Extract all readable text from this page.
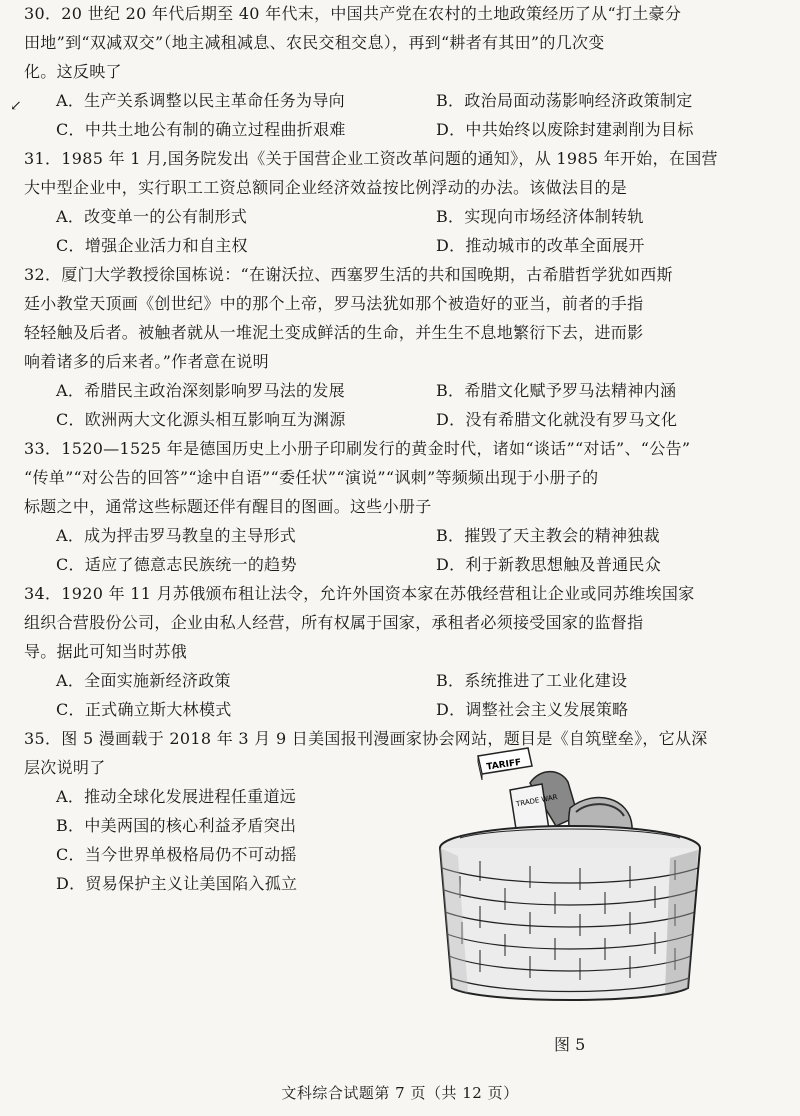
↙
30．20 世纪 20 年代后期至 40 年代末，中国共产党在农村的土地政策经历了从“打土豪分
田地”到“双减双交”（地主减租减息、农民交租交息），再到“耕者有其田”的几次变
化。这反映了
A．生产关系调整以民主革命任务为导向	B．政治局面动荡影响经济政策制定
C．中共土地公有制的确立过程曲折艰难	D．中共始终以废除封建剥削为目标
31．1985 年 1 月,国务院发出《关于国营企业工资改革问题的通知》，从 1985 年开始，在国营
大中型企业中，实行职工工资总额同企业经济效益按比例浮动的办法。该做法目的是
A．改变单一的公有制形式	B．实现向市场经济体制转轨
C．增强企业活力和自主权	D．推动城市的改革全面展开
32．厦门大学教授徐国栋说：“在谢沃拉、西塞罗生活的共和国晚期，古希腊哲学犹如西斯
廷小教堂天顶画《创世纪》中的那个上帝，罗马法犹如那个被造好的亚当，前者的手指
轻轻触及后者。被触者就从一堆泥土变成鲜活的生命，并生生不息地繁衍下去，进而影
响着诸多的后来者。”作者意在说明
A．希腊民主政治深刻影响罗马法的发展	B．希腊文化赋予罗马法精神内涵
C．欧洲两大文化源头相互影响互为渊源	D．没有希腊文化就没有罗马文化
33．1520—1525 年是德国历史上小册子印刷发行的黄金时代，诸如“谈话”“对话”、“公告”
“传单”“对公告的回答”“途中自语”“委任状”“演说”“讽刺”等频频出现于小册子的
标题之中，通常这些标题还伴有醒目的图画。这些小册子
A．成为抨击罗马教皇的主导形式	B．摧毁了天主教会的精神独裁
C．适应了德意志民族统一的趋势	D．利于新教思想触及普通民众
34．1920 年 11 月苏俄颁布租让法令，允许外国资本家在苏俄经营租让企业或同苏维埃国家
组织合营股份公司，企业由私人经营，所有权属于国家，承租者必须接受国家的监督指
导。据此可知当时苏俄
A．全面实施新经济政策	B．系统推进了工业化建设
C．正式确立斯大林模式	D．调整社会主义发展策略
35．图 5 漫画载于 2018 年 3 月 9 日美国报刊漫画家协会网站，题目是《自筑壁垒》，它从深
层次说明了
A．推动全球化发展进程任重道远
B．中美两国的核心利益矛盾突出
C．当今世界单极格局仍不可动摇
D．贸易保护主义让美国陷入孤立
TARIFF
TRADE WAR
图 5
文科综合试题第 7 页（共 12 页）
